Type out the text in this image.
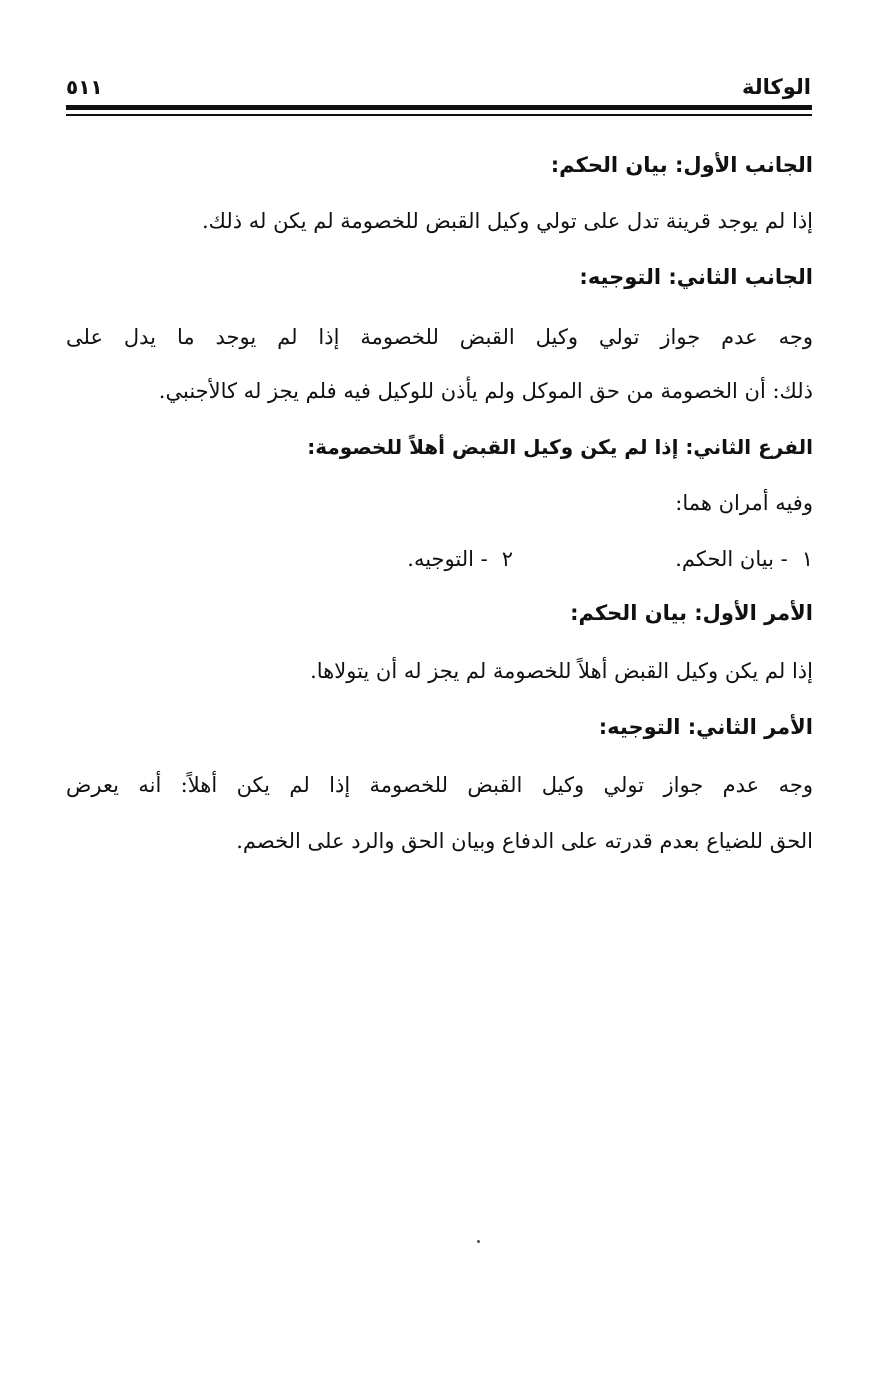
الوكالة
٥١١
الجانب الأول: بيان الحكم:
إذا لم يوجد قرينة تدل على تولي وكيل القبض للخصومة لم يكن له ذلك.
الجانب الثاني: التوجيه:
وجه عدم جواز تولي وكيل القبض للخصومة إذا لم يوجد ما يدل على
ذلك: أن الخصومة من حق الموكل ولم يأذن للوكيل فيه فلم يجز له كالأجنبي.
الفرع الثاني: إذا لم يكن وكيل القبض أهلاً للخصومة:
وفيه أمران هما:
١- بيان الحكم.
٢- التوجيه.
الأمر الأول: بيان الحكم:
إذا لم يكن وكيل القبض أهلاً للخصومة لم يجز له أن يتولاها.
الأمر الثاني: التوجيه:
وجه عدم جواز تولي وكيل القبض للخصومة إذا لم يكن أهلاً: أنه يعرض
الحق للضياع بعدم قدرته على الدفاع وبيان الحق والرد على الخصم.
